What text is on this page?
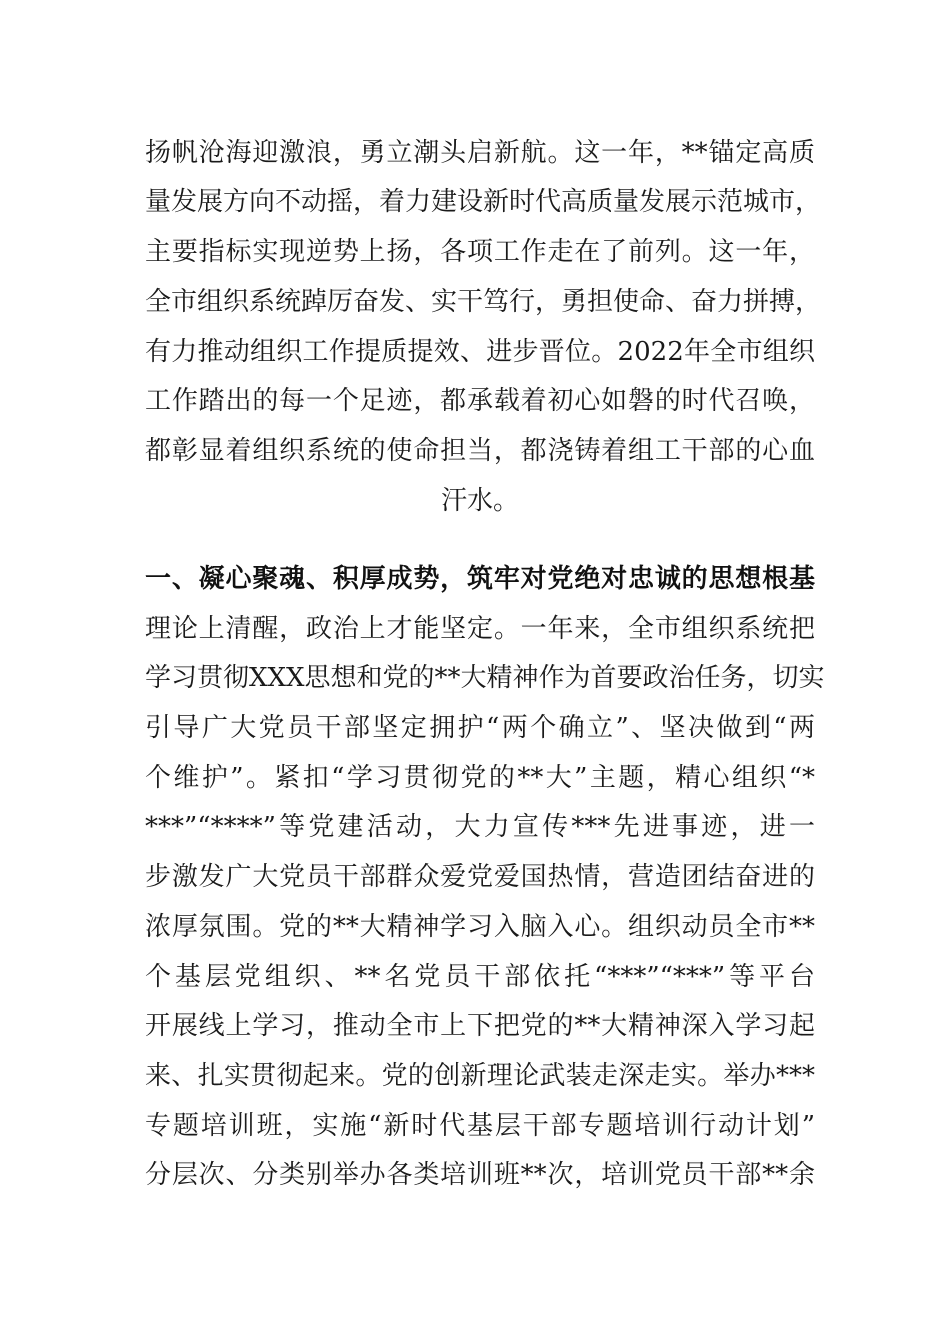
扬帆沧海迎激浪，勇立潮头启新航。这一年，**锚定高质
量发展方向不动摇，着力建设新时代高质量发展示范城市，
主要指标实现逆势上扬，各项工作走在了前列。这一年，
全市组织系统踔厉奋发、实干笃行，勇担使命、奋力拼搏，
有力推动组织工作提质提效、进步晋位。2022年全市组织
工作踏出的每一个足迹，都承载着初心如磐的时代召唤，
都彰显着组织系统的使命担当，都浇铸着组工干部的心血
汗水。
一、凝心聚魂、积厚成势，筑牢对党绝对忠诚的思想根基
理论上清醒，政治上才能坚定。一年来，全市组织系统把
学习贯彻XXX思想和党的**大精神作为首要政治任务，切实
引导广大党员干部坚定拥护“两个确立”、坚决做到“两
个维护”。紧扣“学习贯彻党的**大”主题，精心组织“*
***”“****”等党建活动，大力宣传***先进事迹，进一
步激发广大党员干部群众爱党爱国热情，营造团结奋进的
浓厚氛围。党的**大精神学习入脑入心。组织动员全市**
个基层党组织、**名党员干部依托“***”“***”等平台
开展线上学习，推动全市上下把党的**大精神深入学习起
来、扎实贯彻起来。党的创新理论武装走深走实。举办***
专题培训班，实施“新时代基层干部专题培训行动计划”
分层次、分类别举办各类培训班**次，培训党员干部**余
